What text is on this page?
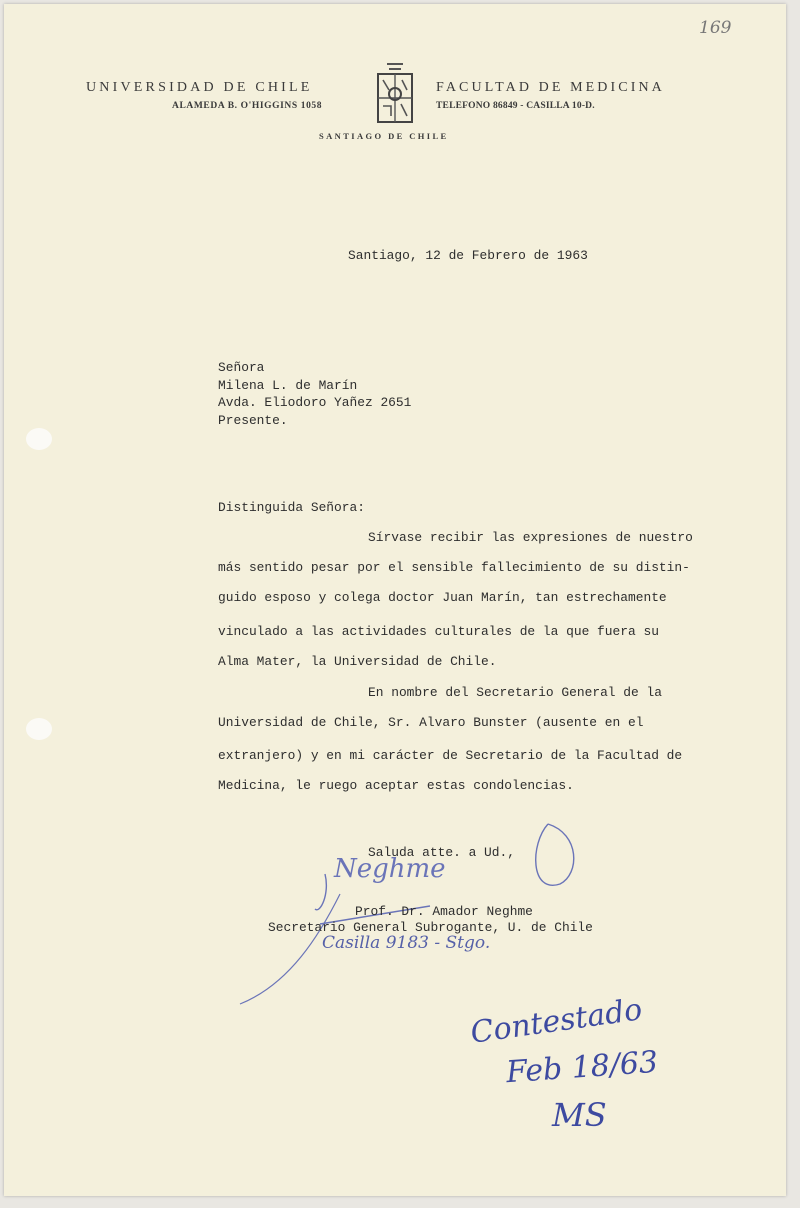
169
UNIVERSIDAD DE CHILE
ALAMEDA B. O'HIGGINS 1058
FACULTAD DE MEDICINA
TELEFONO 86849 - CASILLA 10-D.
SANTIAGO DE CHILE
Santiago, 12 de Febrero de 1963
Señora
Milena L. de Marín
Avda. Eliodoro Yañez 2651
Presente.
Distinguida Señora:
Sírvase recibir las expresiones de nuestro
más sentido pesar por el sensible fallecimiento de su distin-
guido esposo y colega doctor Juan Marín, tan estrechamente
vinculado a las actividades culturales de la que fuera su
Alma Mater, la Universidad de Chile.
En nombre del Secretario General de la
Universidad de Chile, Sr. Alvaro Bunster (ausente en el
extranjero) y en mi carácter de Secretario de la Facultad de
Medicina, le ruego aceptar estas condolencias.
Saluda atte. a Ud.,
Neghme
Prof. Dr. Amador Neghme
Secretario General Subrogante, U. de Chile
Casilla 9183 - Stgo.
Contestado
Feb 18/63
MS
